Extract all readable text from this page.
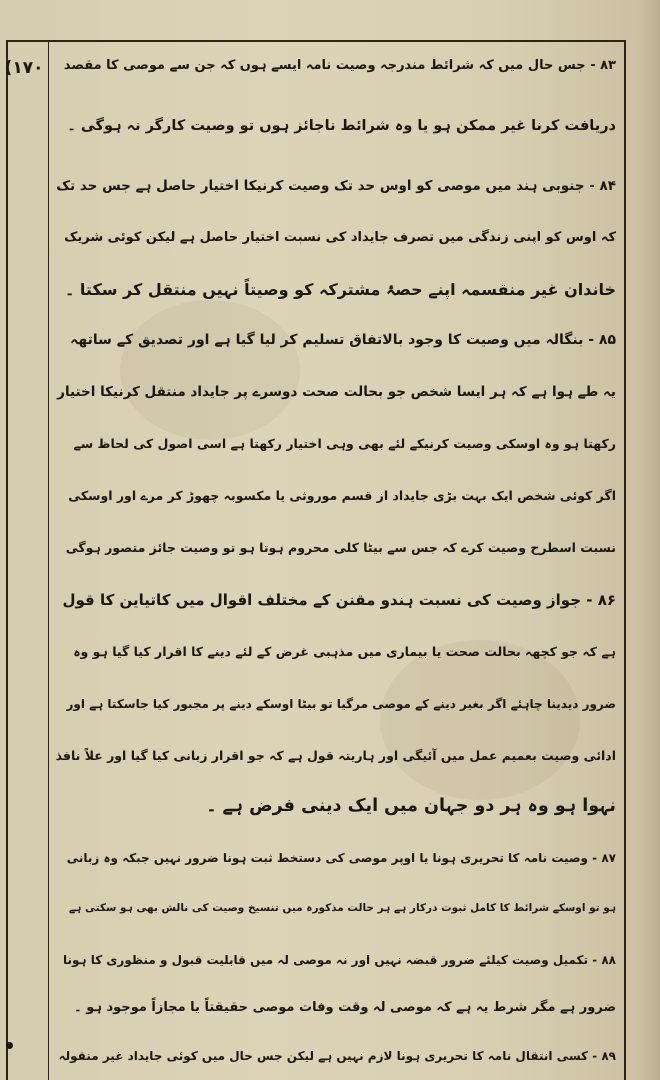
(۱۷۰	۸۳ - جس حال میں کہ شرائط مندرجہ وصیت نامہ ایسے ہوں کہ جن سے موصی کا مقصد
دریافت کرنا غیر ممکن ہو یا وہ شرائط ناجائز ہوں تو وصیت کارگر نہ ہوگی ۔
۸۴ - جنوبی ہند میں موصی کو اوس حد تک وصیت کرنیکا اختیار حاصل ہے جس حد تک
کہ اوس کو اپنی زندگی میں تصرف جایداد کی نسبت اختیار حاصل ہے لیکن کوئی شریک
خاندان غیر منقسمہ اپنے حصۂ مشترکہ کو وصیتاً نہیں منتقل کر سکتا ۔
۸۵ - بنگالہ میں وصیت کا وجود بالاتفاق تسلیم کر لیا گیا ہے اور تصدیق کے ساتھہ
یہ طے ہوا ہے کہ ہر ایسا شخص جو بحالت صحت دوسرے پر جایداد منتقل کرنیکا اختیار
رکھتا ہو وہ اوسکی وصیت کرنیکے لئے بھی وہی اختیار رکھتا ہے اسی اصول کی لحاظ سے
اگر کوئی شخص ایک بہت بڑی جایداد از قسم موروثی یا مکسوبہ چھوڑ کر مرے اور اوسکی
نسبت اسطرح وصیت کرے کہ جس سے بیٹا کلی محروم ہوتا ہو تو وصیت جائز متصور ہوگی
۸۶ - جواز وصیت کی نسبت ہندو مقنن کے مختلف اقوال میں کاتیاین کا قول
ہے کہ جو کچھہ بحالت صحت یا بیماری میں مذہبی غرض کے لئے دینے کا اقرار کیا گیا ہو وہ
ضرور دیدینا چاہئے اگر بغیر دینے کے موصی مرگیا تو بیٹا اوسکے دینے پر مجبور کیا جاسکتا ہے اور
ادائی وصیت بعمیم عمل میں آئیگی اور ہاریتہ قول ہے کہ جو اقرار زبانی کیا گیا اور علاً نافذ
نہوا ہو وہ ہر دو جہان میں ایک دینی فرض ہے ۔
۸۷ - وصیت نامہ کا تحریری ہونا یا اوپر موصی کی دستخط ثبت ہونا ضرور نہیں جبکہ وہ زبانی
ہو تو اوسکے شرائط کا کامل ثبوت درکار ہے ہر حالت مذکورہ میں تنسیخ وصیت کی نالش بھی ہو سکتی ہے
۸۸ - تکمیل وصیت کیلئے ضرور قبضہ نہیں اور نہ موصی لہ میں قابلیت قبول و منظوری کا ہونا
ضرور ہے مگر شرط یہ ہے کہ موصی لہ وقت وفات موصی حقیقتاً یا مجازاً موجود ہو ۔
۸۹ - کسی انتقال نامہ کا تحریری ہونا لازم نہیں ہے لیکن جس حال میں کوئی جایداد غیر منقولہ
